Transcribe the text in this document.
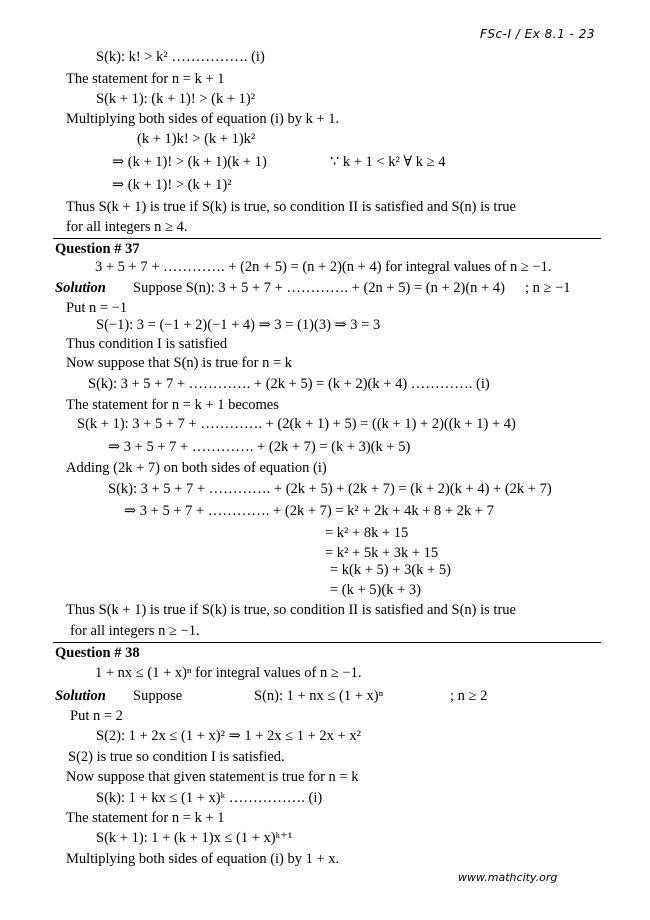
FSc-I / Ex 8.1 - 23
S(k): k! > k² ……………. (i)
The statement for n = k + 1
S(k + 1): (k + 1)! > (k + 1)²
Multiplying both sides of equation (i) by k + 1.
(k + 1)k! > (k + 1)k²
⇒ (k + 1)! > (k + 1)(k + 1)	∵ k + 1 < k² ∀ k ≥ 4
⇒ (k + 1)! > (k + 1)²
Thus S(k + 1) is true if S(k) is true, so condition II is satisfied and S(n) is true
for all integers n ≥ 4.
Question # 37
3 + 5 + 7 + …………. + (2n + 5) = (n + 2)(n + 4) for integral values of n ≥ −1.
Solution Suppose S(n): 3 + 5 + 7 + …………. + (2n + 5) = (n + 2)(n + 4) ; n ≥ −1
Put n = −1
S(−1): 3 = (−1 + 2)(−1 + 4) ⇒ 3 = (1)(3) ⇒ 3 = 3
Thus condition I is satisfied
Now suppose that S(n) is true for n = k
S(k): 3 + 5 + 7 + …………. + (2k + 5) = (k + 2)(k + 4) …………. (i)
The statement for n = k + 1 becomes
S(k + 1): 3 + 5 + 7 + …………. + (2(k + 1) + 5) = ((k + 1) + 2)((k + 1) + 4)
⇒ 3 + 5 + 7 + …………. + (2k + 7) = (k + 3)(k + 5)
Adding (2k + 7) on both sides of equation (i)
S(k): 3 + 5 + 7 + …………. + (2k + 5) + (2k + 7) = (k + 2)(k + 4) + (2k + 7)
⇒ 3 + 5 + 7 + …………. + (2k + 7) = k² + 2k + 4k + 8 + 2k + 7
= k² + 8k + 15
= k² + 5k + 3k + 15
= k(k + 5) + 3(k + 5)
= (k + 5)(k + 3)
Thus S(k + 1) is true if S(k) is true, so condition II is satisfied and S(n) is true
for all integers n ≥ −1.
Question # 38
1 + nx ≤ (1 + x)ⁿ for integral values of n ≥ −1.
Solution Suppose	S(n): 1 + nx ≤ (1 + x)ⁿ	; n ≥ 2
Put n = 2
S(2): 1 + 2x ≤ (1 + x)² ⇒ 1 + 2x ≤ 1 + 2x + x²
S(2) is true so condition I is satisfied.
Now suppose that given statement is true for n = k
S(k): 1 + kx ≤ (1 + x)ᵏ ……………. (i)
The statement for n = k + 1
S(k + 1): 1 + (k + 1)x ≤ (1 + x)ᵏ⁺¹
Multiplying both sides of equation (i) by 1 + x.
www.mathcity.org
